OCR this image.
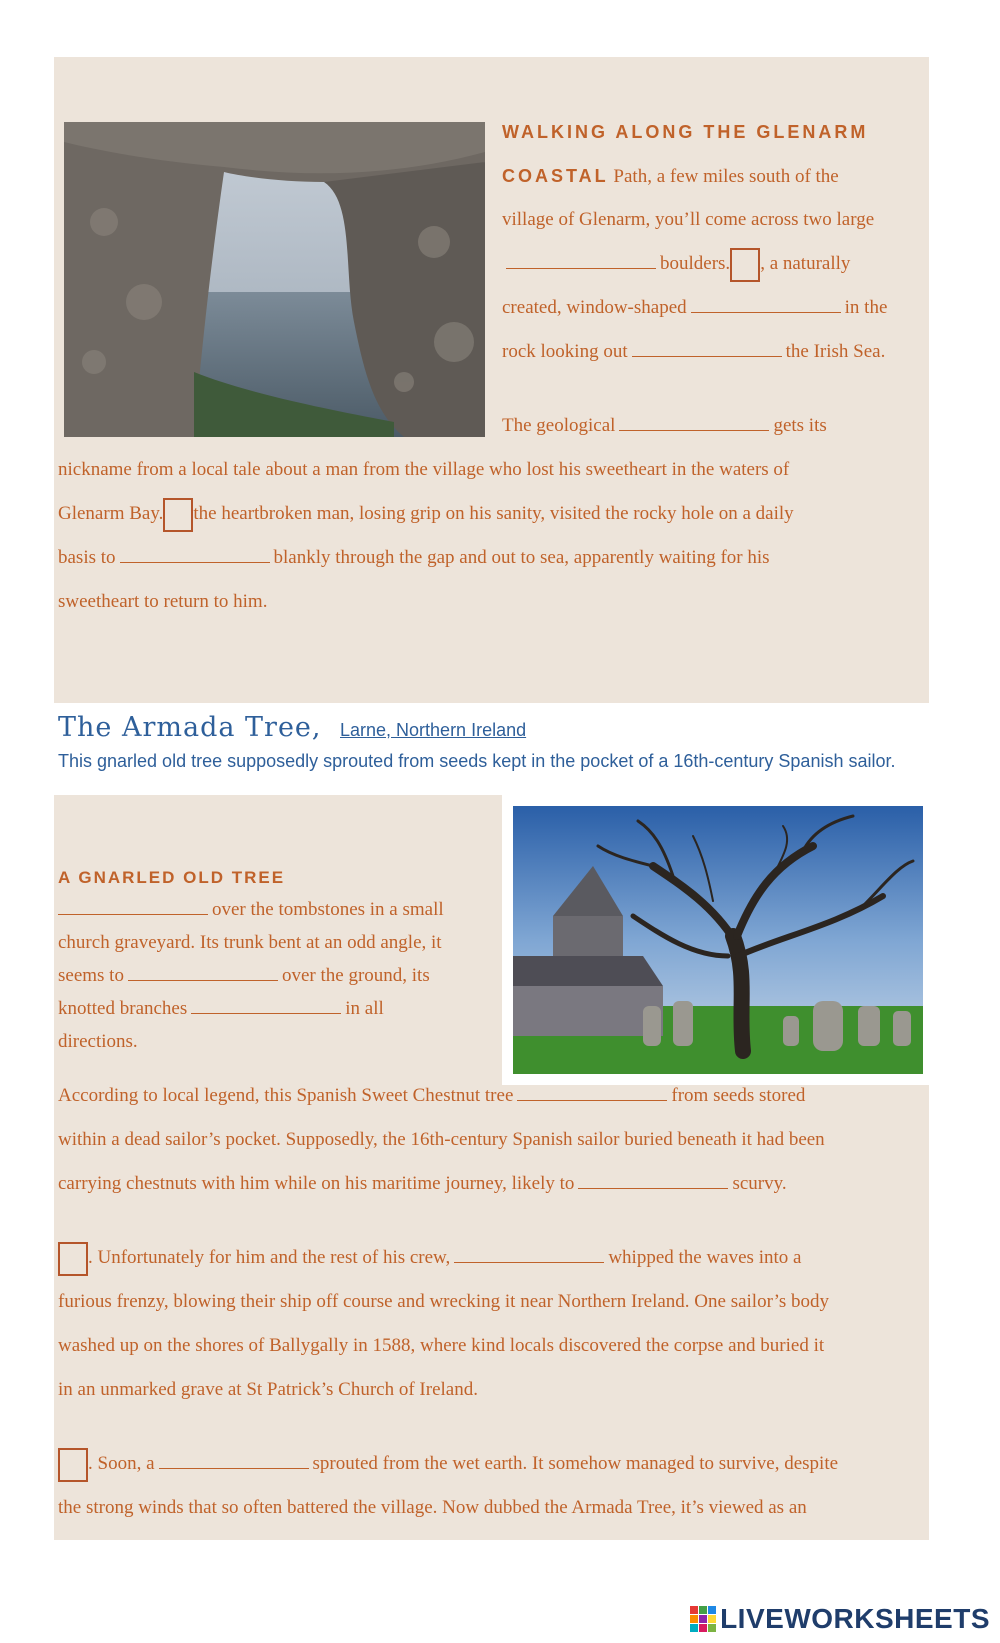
WALKING ALONG THE GLENARM
COASTAL Path, a few miles south of the
village of Glenarm, you’ll come across two large
boulders. , a naturally
created, window-shaped	in the
rock looking out	the Irish Sea.
The geological	gets its
nickname from a local tale about a man from the village who lost his sweetheart in the waters of
Glenarm Bay. the heartbroken man, losing grip on his sanity, visited the rocky hole on a daily
basis to	blankly through the gap and out to sea, apparently waiting for his
sweetheart to return to him.
The Armada Tree, Larne, Northern Ireland
This gnarled old tree supposedly sprouted from seeds kept in the pocket of a 16th-century Spanish sailor.
A GNARLED OLD TREE
over the tombstones in a small
church graveyard. Its trunk bent at an odd angle, it
seems to	over the ground, its
knotted branches	in all
directions.
According to local legend, this Spanish Sweet Chestnut tree	from seeds stored
within a dead sailor’s pocket. Supposedly, the 16th-century Spanish sailor buried beneath it had been
carrying chestnuts with him while on his maritime journey, likely to	scurvy.
. Unfortunately for him and the rest of his crew,	whipped the waves into a
furious frenzy, blowing their ship off course and wrecking it near Northern Ireland. One sailor’s body
washed up on the shores of Ballygally in 1588, where kind locals discovered the corpse and buried it
in an unmarked grave at St Patrick’s Church of Ireland.
. Soon, a	sprouted from the wet earth. It somehow managed to survive, despite
the strong winds that so often battered the village. Now dubbed the Armada Tree, it’s viewed as an
LIVEWORKSHEETS
